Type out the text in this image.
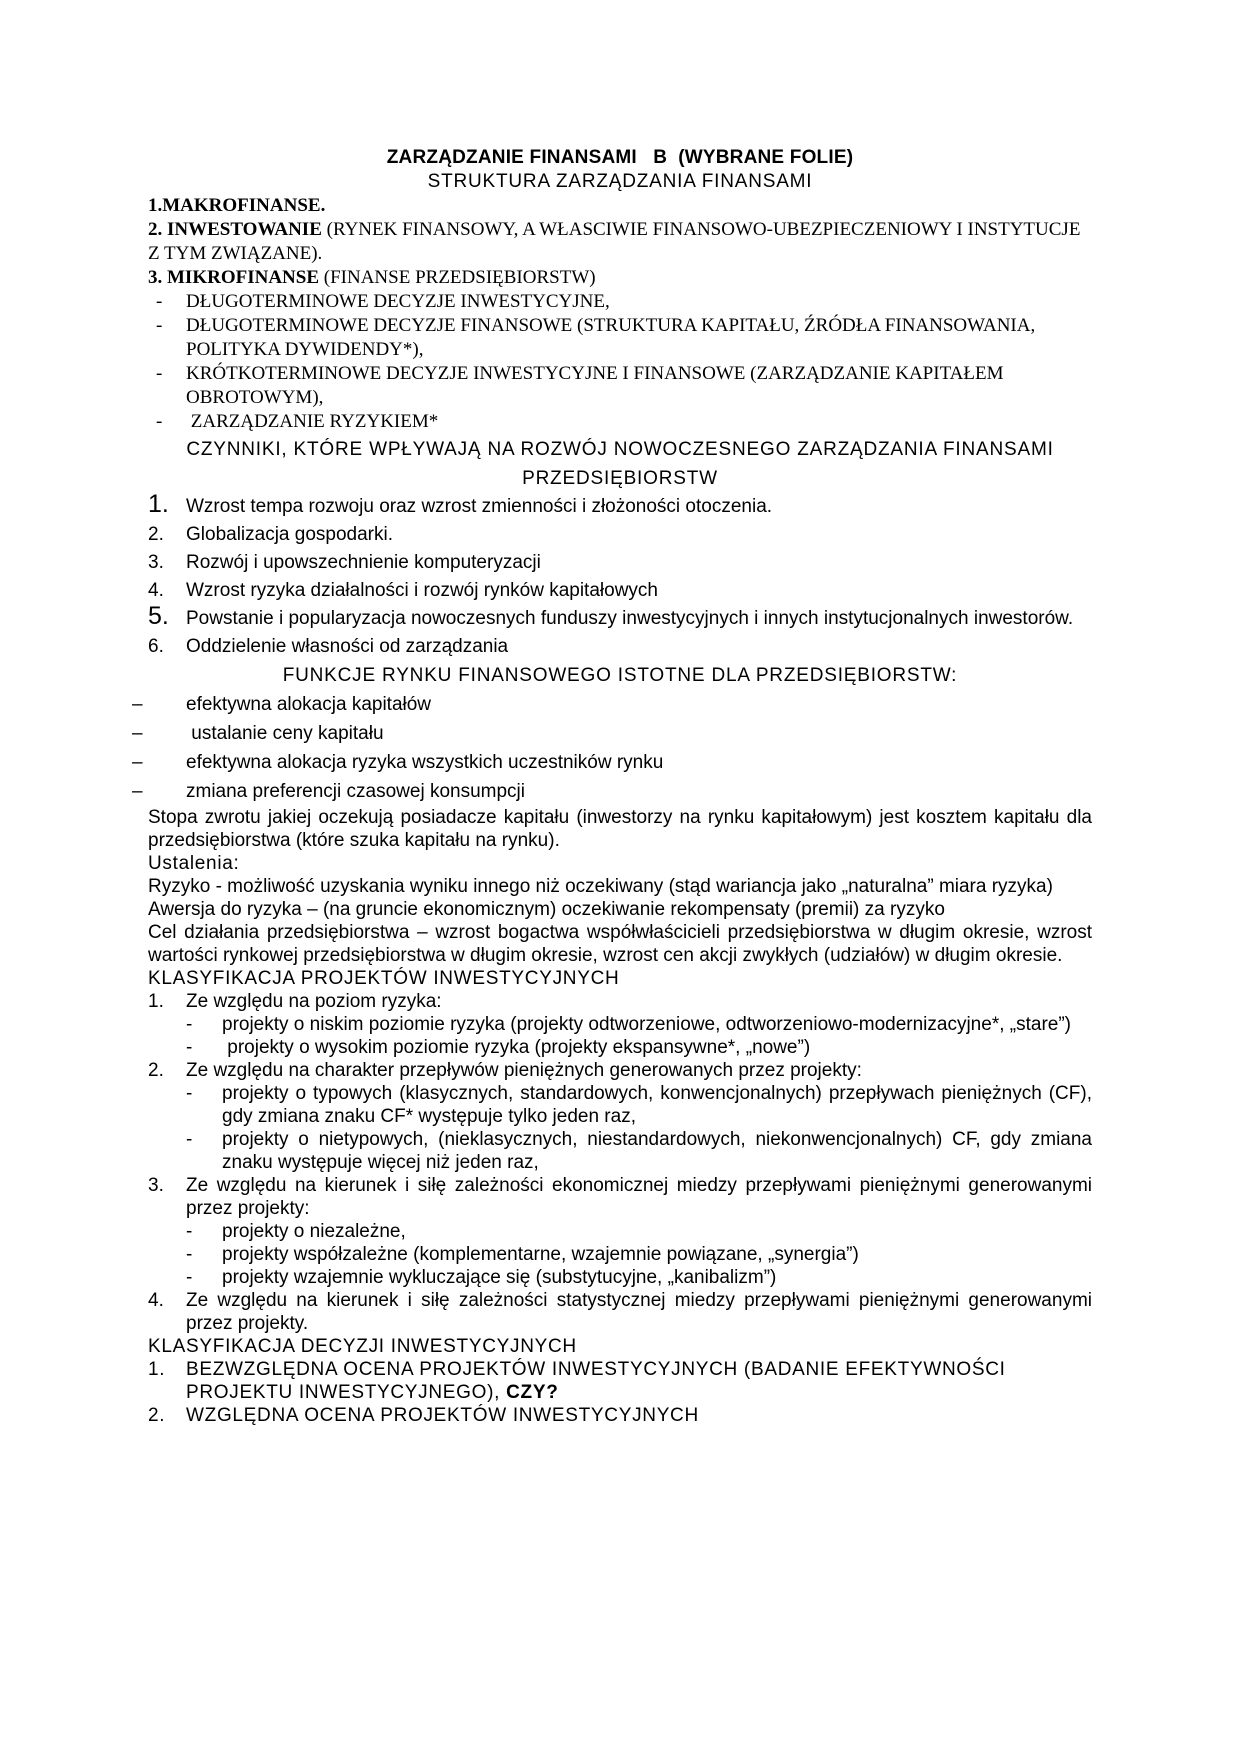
ZARZĄDZANIE FINANSAMI   B  (WYBRANE FOLIE)
STRUKTURA ZARZĄDZANIA FINANSAMI
1.MAKROFINANSE.
2. INWESTOWANIE (RYNEK FINANSOWY, A WŁASCIWIE FINANSOWO-UBEZPIECZENIOWY I INSTYTUCJE Z TYM ZWIĄZANE).
3. MIKROFINANSE (FINANSE PRZEDSIĘBIORSTW)
- DŁUGOTERMINOWE DECYZJE INWESTYCYJNE,
- DŁUGOTERMINOWE DECYZJE FINANSOWE (STRUKTURA KAPITAŁU, ŹRÓDŁA FINANSOWANIA, POLITYKA DYWIDENDY*),
- KRÓTKOTERMINOWE DECYZJE INWESTYCYJNE I FINANSOWE (ZARZĄDZANIE KAPITAŁEM OBROTOWYM),
- ZARZĄDZANIE RYZYKIEM*
CZYNNIKI, KTÓRE WPŁYWAJĄ NA ROZWÓJ NOWOCZESNEGO ZARZĄDZANIA FINANSAMI PRZEDSIĘBIORSTW
1. Wzrost tempa rozwoju oraz wzrost zmienności i złożoności otoczenia.
2. Globalizacja gospodarki.
3. Rozwój i upowszechnienie komputeryzacji
4. Wzrost ryzyka działalności i rozwój rynków kapitałowych
5. Powstanie i popularyzacja nowoczesnych funduszy inwestycyjnych i innych instytucjonalnych inwestorów.
6. Oddzielenie własności od zarządzania
FUNKCJE RYNKU FINANSOWEGO ISTOTNE DLA PRZEDSIĘBIORSTW:
– efektywna alokacja kapitałów
– ustalanie ceny kapitału
– efektywna alokacja ryzyka wszystkich uczestników rynku
– zmiana preferencji czasowej konsumpcji
Stopa zwrotu jakiej oczekują posiadacze kapitału (inwestorzy na rynku kapitałowym) jest kosztem kapitału dla przedsiębiorstwa (które szuka kapitału na rynku).
Ustalenia:
Ryzyko - możliwość uzyskania wyniku innego niż oczekiwany (stąd wariancja jako „naturalna” miara ryzyka)
Awersja do ryzyka – (na gruncie ekonomicznym) oczekiwanie rekompensaty (premii) za ryzyko
Cel działania przedsiębiorstwa – wzrost bogactwa współwłaścicieli przedsiębiorstwa w długim okresie, wzrost wartości rynkowej przedsiębiorstwa w długim okresie, wzrost cen akcji zwykłych (udziałów) w długim okresie.
KLASYFIKACJA PROJEKTÓW INWESTYCYJNYCH
1. Ze względu na poziom ryzyka:
- projekty o niskim poziomie ryzyka (projekty odtworzeniowe, odtworzeniowo-modernizacyjne*, „stare”)
- projekty o wysokim poziomie ryzyka (projekty ekspansywne*, „nowe”)
2. Ze względu na charakter przepływów pieniężnych generowanych przez projekty:
- projekty o typowych (klasycznych, standardowych, konwencjonalnych) przepływach pieniężnych (CF), gdy zmiana znaku CF* występuje tylko jeden raz,
- projekty o nietypowych, (nieklasycznych, niestandardowych, niekonwencjonalnych) CF, gdy zmiana znaku występuje więcej niż jeden raz,
3. Ze względu na kierunek i siłę zależności ekonomicznej miedzy przepływami pieniężnymi generowanymi przez projekty:
- projekty o niezależne,
- projekty współzależne (komplementarne, wzajemnie powiązane, „synergia”)
- projekty wzajemnie wykluczające się (substytucyjne, „kanibalizm”)
4. Ze względu na kierunek i siłę zależności statystycznej miedzy przepływami pieniężnymi generowanymi przez projekty.
KLASYFIKACJA DECYZJI INWESTYCYJNYCH
1. BEZWZGLĘDNA OCENA PROJEKTÓW INWESTYCYJNYCH (BADANIE EFEKTYWNOŚCI PROJEKTU INWESTYCYJNEGO), CZY?
2. WZGLĘDNA OCENA PROJEKTÓW INWESTYCYJNYCH
